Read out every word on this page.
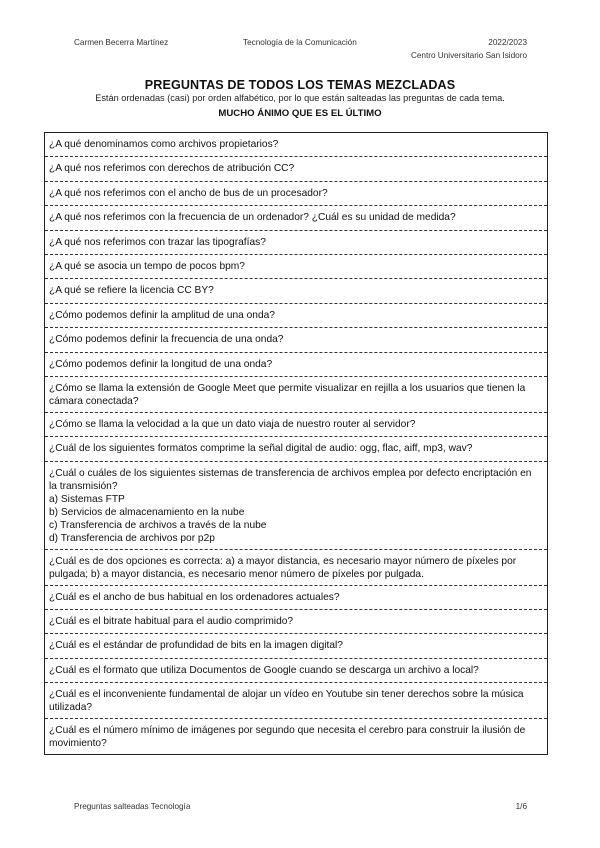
Carmen Becerra Martínez	Tecnología de la Comunicación	2022/2023
Centro Universitario San Isidoro
PREGUNTAS DE TODOS LOS TEMAS MEZCLADAS
Están ordenadas (casi) por orden alfabético, por lo que están salteadas las preguntas de cada tema.
MUCHO ÁNIMO QUE ES EL ÚLTIMO
¿A qué denominamos como archivos propietarios?
¿A qué nos referimos con derechos de atribución CC?
¿A qué nos referimos con el ancho de bus de un procesador?
¿A qué nos referimos con la frecuencia de un ordenador? ¿Cuál es su unidad de medida?
¿A qué nos referimos con trazar las tipografías?
¿A qué se asocia un tempo de pocos bpm?
¿A qué se refiere la licencia CC BY?
¿Cómo podemos definir la amplitud de una onda?
¿Cómo podemos definir la frecuencia de una onda?
¿Cómo podemos definir la longitud de una onda?
¿Cómo se llama la extensión de Google Meet que permite visualizar en rejilla a los usuarios que tienen la cámara conectada?
¿Cómo se llama la velocidad a la que un dato viaja de nuestro router al servidor?
¿Cuál de los siguientes formatos comprime la señal digital de audio: ogg, flac, aiff, mp3, wav?
¿Cuál o cuáles de los siguientes sistemas de transferencia de archivos emplea por defecto encriptación en la transmisión?
a) Sistemas FTP
b) Servicios de almacenamiento en la nube
c) Transferencia de archivos a través de la nube
d) Transferencia de archivos por p2p
¿Cuál es de dos opciones es correcta: a) a mayor distancia, es necesario mayor número de píxeles por pulgada; b) a mayor distancia, es necesario menor número de píxeles por pulgada.
¿Cuál es el ancho de bus habitual en los ordenadores actuales?
¿Cuál es el bitrate habitual para el audio comprimido?
¿Cuál es el estándar de profundidad de bits en la imagen digital?
¿Cuál es el formato que utiliza Documentos de Google cuando se descarga un archivo a local?
¿Cuál es el inconveniente fundamental de alojar un vídeo en Youtube sin tener derechos sobre la música utilizada?
¿Cuál es el número mínimo de imágenes por segundo que necesita el cerebro para construir la ilusión de movimiento?
Preguntas salteadas Tecnología	1/6
